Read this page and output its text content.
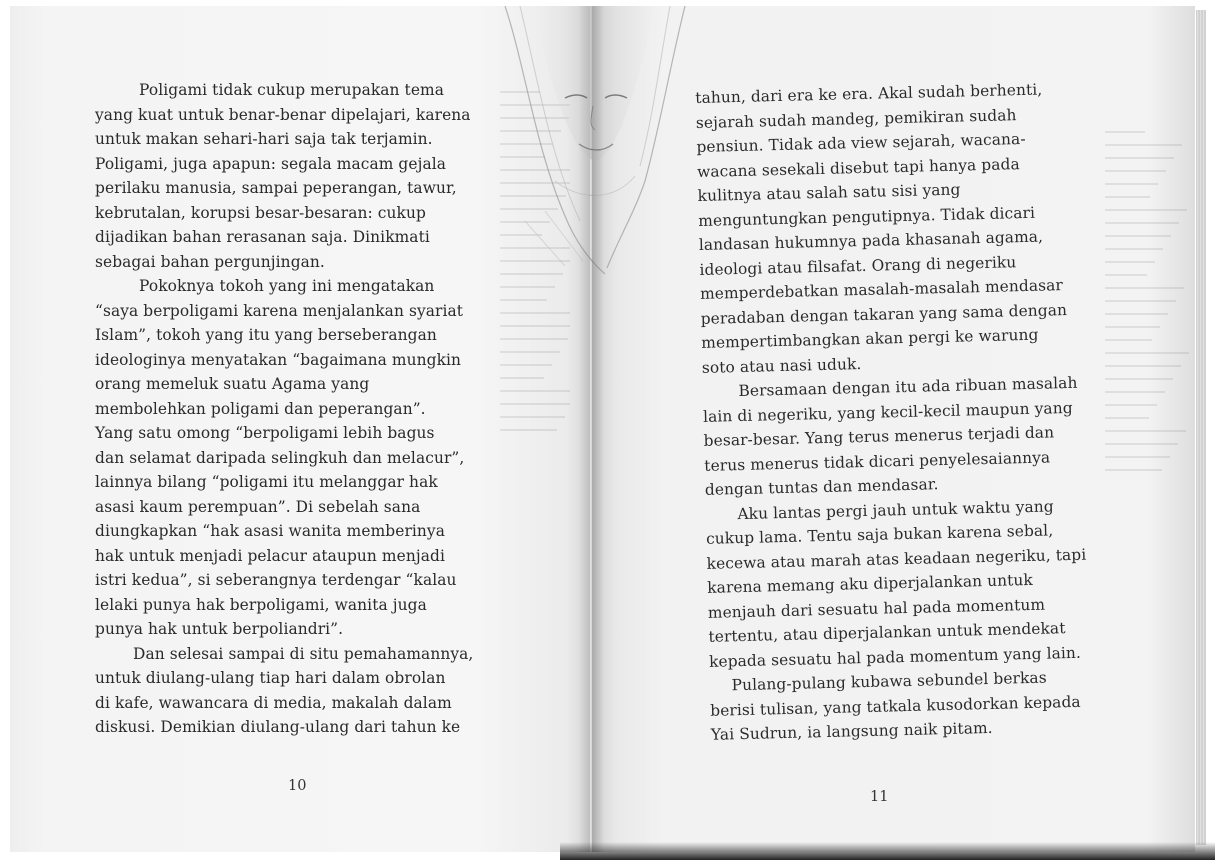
Poligami tidak cukup merupakan tema
yang kuat untuk benar-benar dipelajari, karena
untuk makan sehari-hari saja tak terjamin.
Poligami, juga apapun: segala macam gejala
perilaku manusia, sampai peperangan, tawur,
kebrutalan, korupsi besar-besaran: cukup
dijadikan bahan rerasanan saja. Dinikmati
sebagai bahan pergunjingan.
Pokoknya tokoh yang ini mengatakan
“saya berpoligami karena menjalankan syariat
Islam”, tokoh yang itu yang berseberangan
ideologinya menyatakan “bagaimana mungkin
orang memeluk suatu Agama yang
membolehkan poligami dan peperangan”.
Yang satu omong “berpoligami lebih bagus
dan selamat daripada selingkuh dan melacur”,
lainnya bilang “poligami itu melanggar hak
asasi kaum perempuan”. Di sebelah sana
diungkapkan “hak asasi wanita memberinya
hak untuk menjadi pelacur ataupun menjadi
istri kedua”, si seberangnya terdengar “kalau
lelaki punya hak berpoligami, wanita juga
punya hak untuk berpoliandri”.
Dan selesai sampai di situ pemahamannya,
untuk diulang-ulang tiap hari dalam obrolan
di kafe, wawancara di media, makalah dalam
diskusi. Demikian diulang-ulang dari tahun ke
10
tahun, dari era ke era. Akal sudah berhenti,
sejarah sudah mandeg, pemikiran sudah
pensiun. Tidak ada view sejarah, wacana-
wacana sesekali disebut tapi hanya pada
kulitnya atau salah satu sisi yang
menguntungkan pengutipnya. Tidak dicari
landasan hukumnya pada khasanah agama,
ideologi atau filsafat. Orang di negeriku
memperdebatkan masalah-masalah mendasar
peradaban dengan takaran yang sama dengan
mempertimbangkan akan pergi ke warung
soto atau nasi uduk.
Bersamaan dengan itu ada ribuan masalah
lain di negeriku, yang kecil-kecil maupun yang
besar-besar. Yang terus menerus terjadi dan
terus menerus tidak dicari penyelesaiannya
dengan tuntas dan mendasar.
Aku lantas pergi jauh untuk waktu yang
cukup lama. Tentu saja bukan karena sebal,
kecewa atau marah atas keadaan negeriku, tapi
karena memang aku diperjalankan untuk
menjauh dari sesuatu hal pada momentum
tertentu, atau diperjalankan untuk mendekat
kepada sesuatu hal pada momentum yang lain.
Pulang-pulang kubawa sebundel berkas
berisi tulisan, yang tatkala kusodorkan kepada
Yai Sudrun, ia langsung naik pitam.
11
